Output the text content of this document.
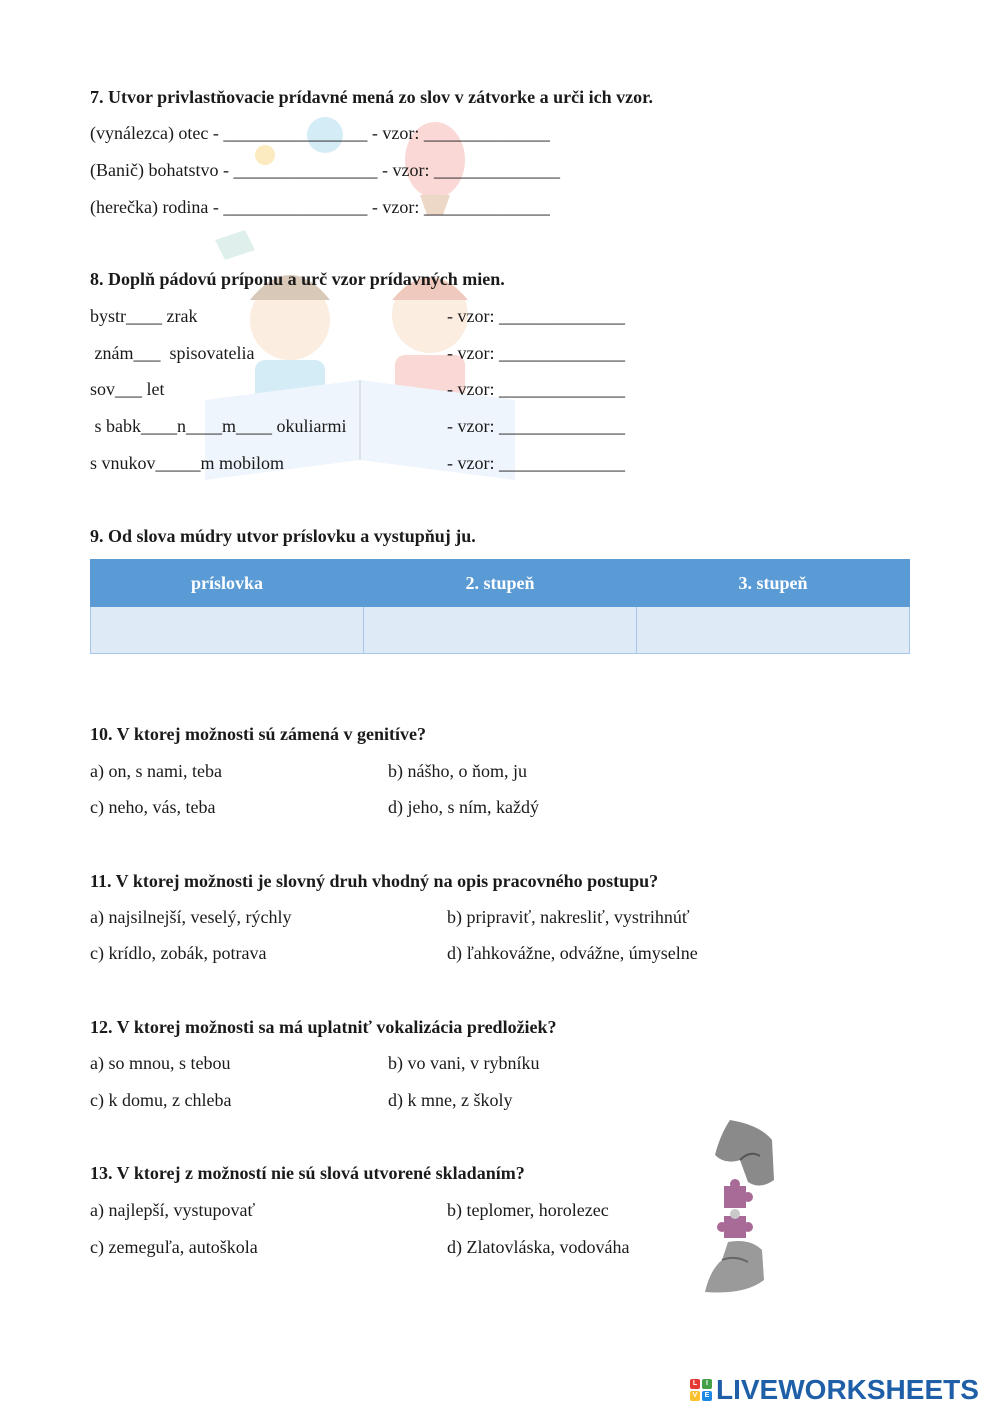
7. Utvor privlastňovacie prídavné mená zo slov v zátvorke a urči ich vzor.
(vynálezca) otec - ________________ - vzor: ______________
(Banič) bohatstvo - ________________ - vzor: ______________
(herečka) rodina - ________________ - vzor: ______________
8. Doplň pádovú príponu a urč vzor prídavných mien.
bystr____ zrak	- vzor: ______________
znám___  spisovatelia	- vzor: ______________
sov___ let	- vzor: ______________
s babk____n____m____ okuliarmi	- vzor: ______________
s vnukov_____m mobilom	- vzor: ______________
9. Od slova múdry utvor príslovku a vystupňuj ju.
príslovka	2. stupeň	3. stupeň

10. V ktorej možnosti sú zámená v genitíve?
a) on, s nami, teba	b) nášho, o ňom, ju
c) neho, vás, teba	d) jeho, s ním, každý
11. V ktorej možnosti je slovný druh vhodný na opis pracovného postupu?
a) najsilnejší, veselý, rýchly	b) pripraviť, nakresliť, vystrihnúť
c) krídlo, zobák, potrava	d) ľahkovážne, odvážne, úmyselne
12. V ktorej možnosti sa má uplatniť vokalizácia predložiek?
a) so mnou, s tebou	b) vo vani, v rybníku
c) k domu, z chleba	d) k mne, z školy
13. V ktorej z možností nie sú slová utvorené skladaním?
a) najlepší, vystupovať	b) teplomer, horolezec
c) zemeguľa, autoškola	d) Zlatovláska, vodováha
L	I
V	E LIVEWORKSHEETS
